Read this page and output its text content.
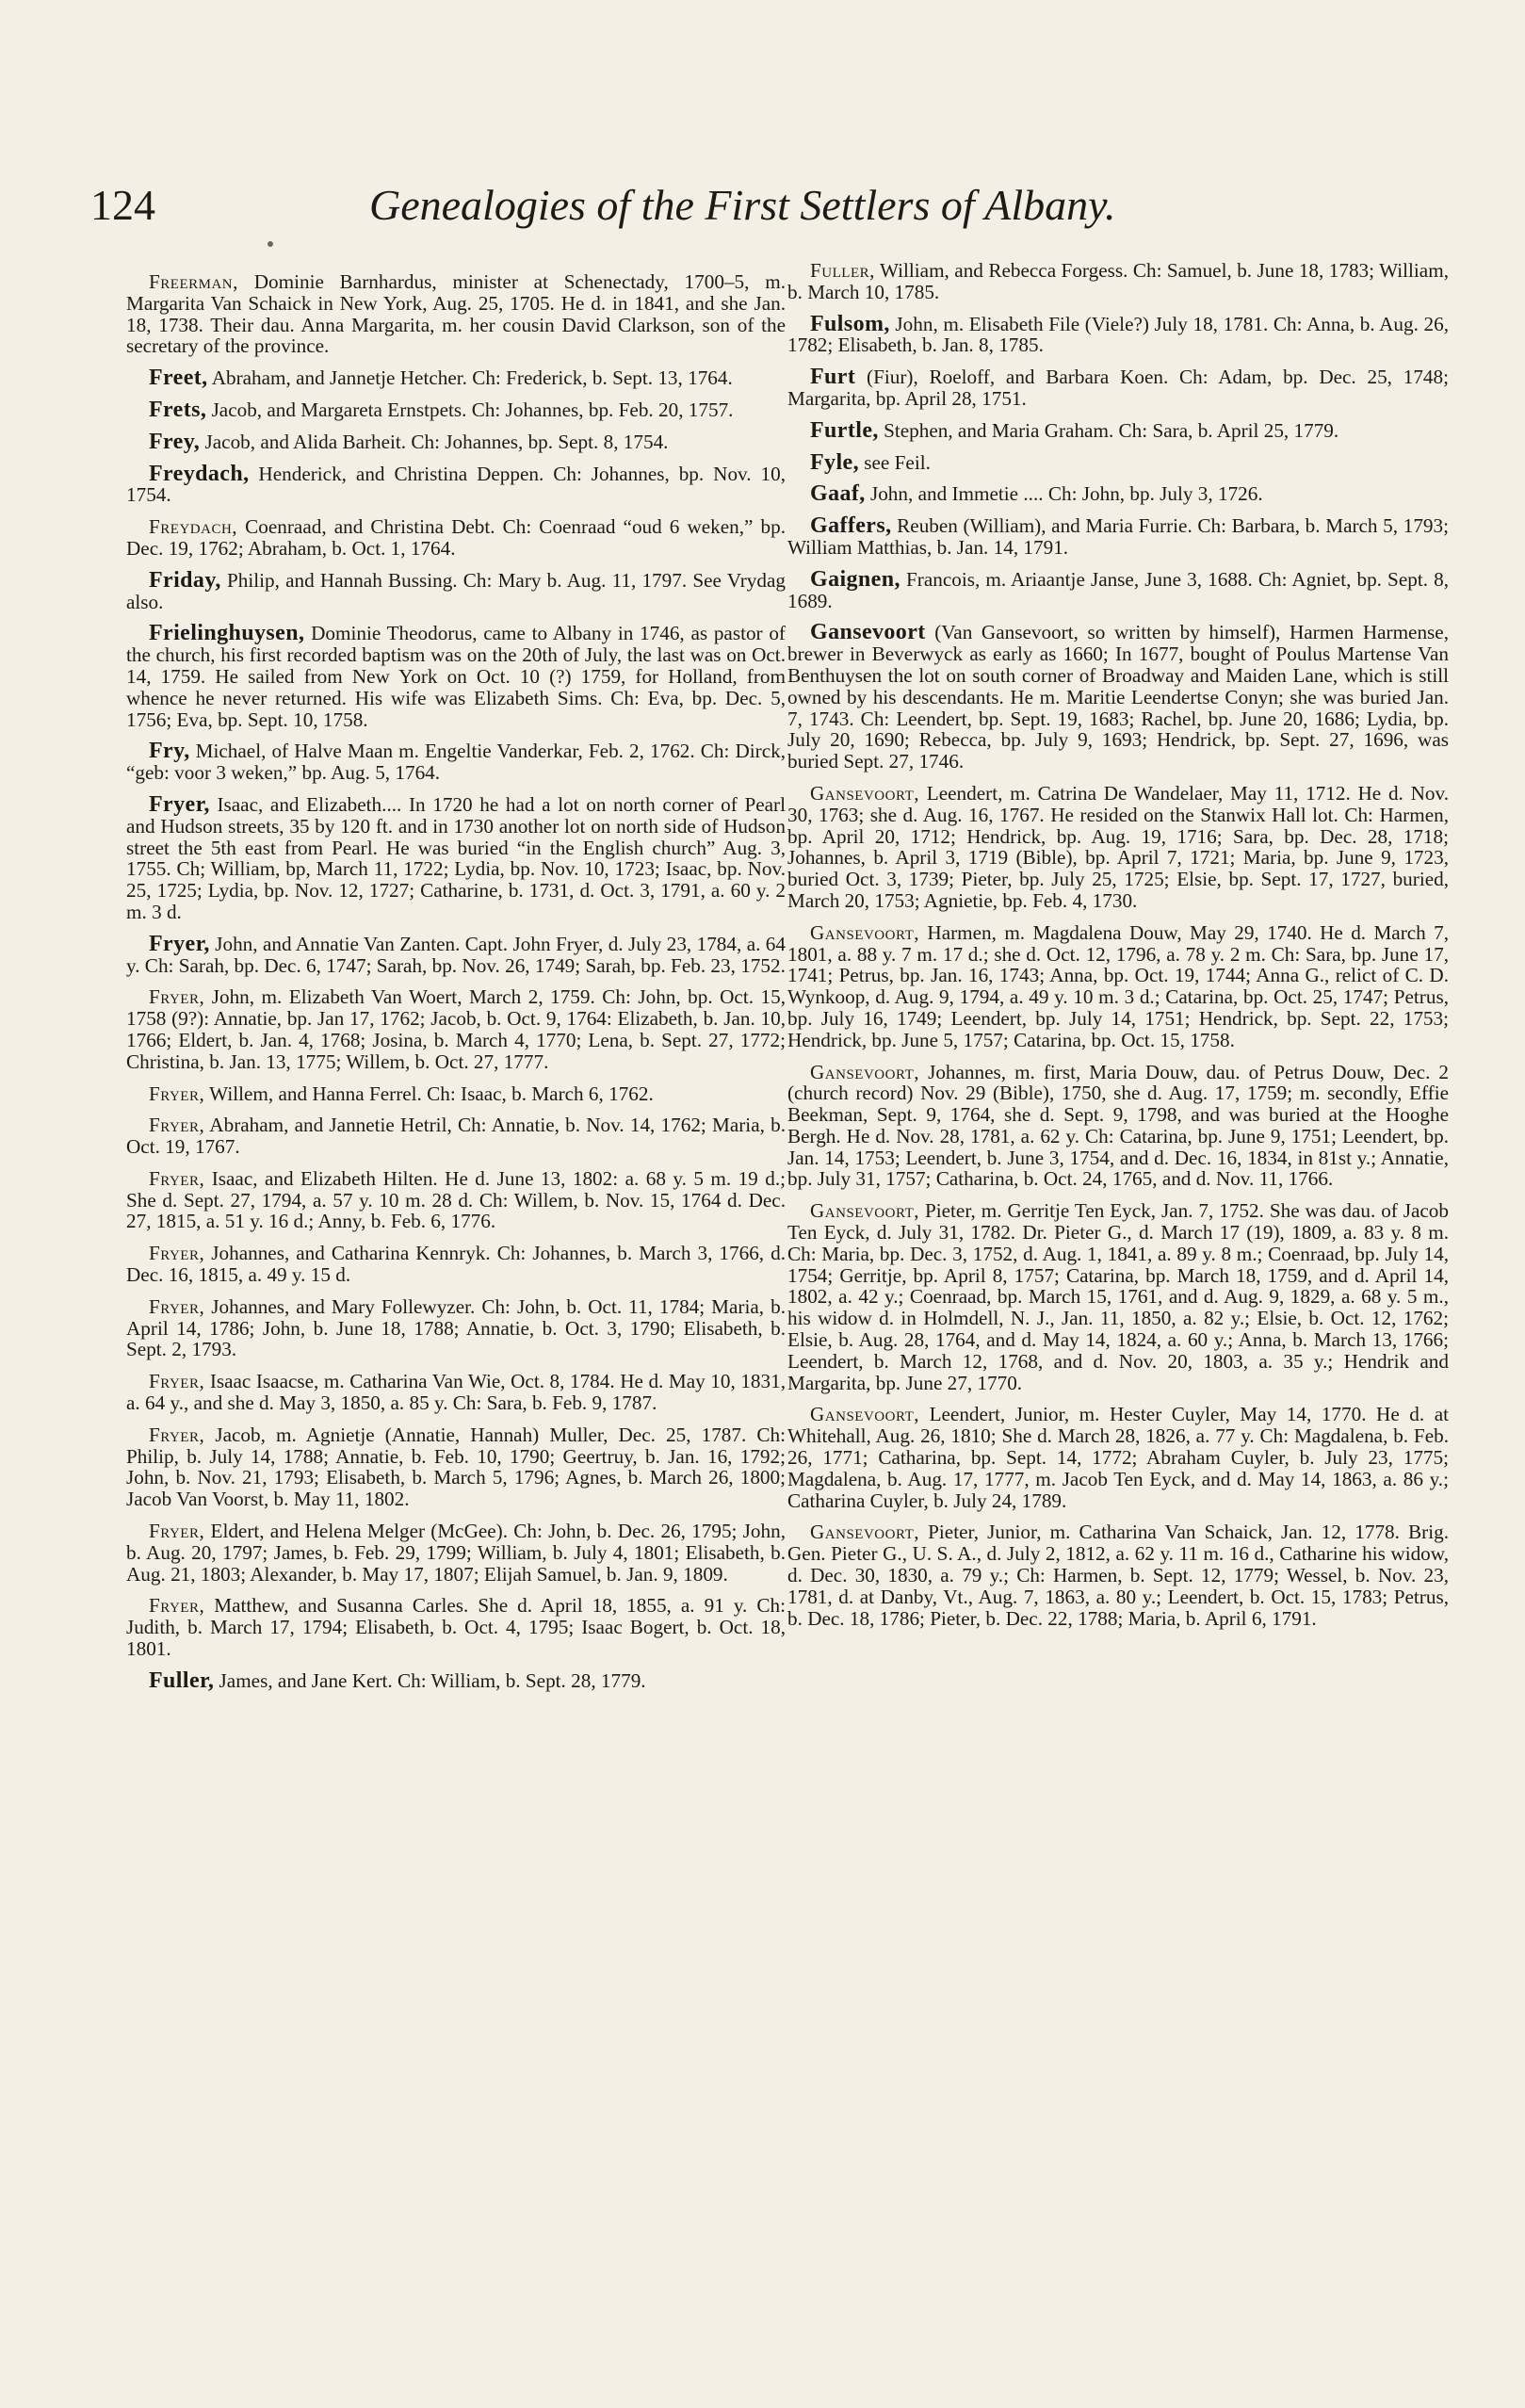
124	Genealogies of the First Settlers of Albany.

Freerman, Dominie Barnhardus, minister at Schenectady, 1700–5, m. Margarita Van Schaick in New York, Aug. 25, 1705. He d. in 1841, and she Jan. 18, 1738. Their dau. Anna Margarita, m. her cousin David Clarkson, son of the secretary of the province.

Freet, Abraham, and Jannetje Hetcher. Ch: Frederick, b. Sept. 13, 1764.

Frets, Jacob, and Margareta Ernstpets. Ch: Johannes, bp. Feb. 20, 1757.

Frey, Jacob, and Alida Barheit. Ch: Johannes, bp. Sept. 8, 1754.

Freydach, Henderick, and Christina Deppen. Ch: Johannes, bp. Nov. 10, 1754.

Freydach, Coenraad, and Christina Debt. Ch: Coenraad “oud 6 weken,” bp. Dec. 19, 1762; Abraham, b. Oct. 1, 1764.

Friday, Philip, and Hannah Bussing. Ch: Mary b. Aug. 11, 1797. See Vrydag also.

Frielinghuysen, Dominie Theodorus, came to Albany in 1746, as pastor of the church, his first recorded baptism was on the 20th of July, the last was on Oct. 14, 1759. He sailed from New York on Oct. 10 (?) 1759, for Holland, from whence he never returned. His wife was Elizabeth Sims. Ch: Eva, bp. Dec. 5, 1756; Eva, bp. Sept. 10, 1758.

Fry, Michael, of Halve Maan m. Engeltie Vanderkar, Feb. 2, 1762. Ch: Dirck, “geb: voor 3 weken,” bp. Aug. 5, 1764.

Fryer, Isaac, and Elizabeth.... In 1720 he had a lot on north corner of Pearl and Hudson streets, 35 by 120 ft. and in 1730 another lot on north side of Hudson street the 5th east from Pearl. He was buried “in the English church” Aug. 3, 1755. Ch; William, bp, March 11, 1722; Lydia, bp. Nov. 10, 1723; Isaac, bp. Nov. 25, 1725; Lydia, bp. Nov. 12, 1727; Catharine, b. 1731, d. Oct. 3, 1791, a. 60 y. 2 m. 3 d.

Fryer, John, and Annatie Van Zanten. Capt. John Fryer, d. July 23, 1784, a. 64 y. Ch: Sarah, bp. Dec. 6, 1747; Sarah, bp. Nov. 26, 1749; Sarah, bp. Feb. 23, 1752.

Fryer, John, m. Elizabeth Van Woert, March 2, 1759. Ch: John, bp. Oct. 15, 1758 (9?): Annatie, bp. Jan 17, 1762; Jacob, b. Oct. 9, 1764: Elizabeth, b. Jan. 10, 1766; Eldert, b. Jan. 4, 1768; Josina, b. March 4, 1770; Lena, b. Sept. 27, 1772; Christina, b. Jan. 13, 1775; Willem, b. Oct. 27, 1777.

Fryer, Willem, and Hanna Ferrel. Ch: Isaac, b. March 6, 1762.

Fryer, Abraham, and Jannetie Hetril, Ch: Annatie, b. Nov. 14, 1762; Maria, b. Oct. 19, 1767.

Fryer, Isaac, and Elizabeth Hilten. He d. June 13, 1802: a. 68 y. 5 m. 19 d.; She d. Sept. 27, 1794, a. 57 y. 10 m. 28 d. Ch: Willem, b. Nov. 15, 1764 d. Dec. 27, 1815, a. 51 y. 16 d.; Anny, b. Feb. 6, 1776.

Fryer, Johannes, and Catharina Kennryk. Ch: Johannes, b. March 3, 1766, d. Dec. 16, 1815, a. 49 y. 15 d.

Fryer, Johannes, and Mary Follewyzer. Ch: John, b. Oct. 11, 1784; Maria, b. April 14, 1786; John, b. June 18, 1788; Annatie, b. Oct. 3, 1790; Elisabeth, b. Sept. 2, 1793.

Fryer, Isaac Isaacse, m. Catharina Van Wie, Oct. 8, 1784. He d. May 10, 1831, a. 64 y., and she d. May 3, 1850, a. 85 y. Ch: Sara, b. Feb. 9, 1787.

Fryer, Jacob, m. Agnietje (Annatie, Hannah) Muller, Dec. 25, 1787. Ch: Philip, b. July 14, 1788; Annatie, b. Feb. 10, 1790; Geertruy, b. Jan. 16, 1792; John, b. Nov. 21, 1793; Elisabeth, b. March 5, 1796; Agnes, b. March 26, 1800; Jacob Van Voorst, b. May 11, 1802.

Fryer, Eldert, and Helena Melger (McGee). Ch: John, b. Dec. 26, 1795; John, b. Aug. 20, 1797; James, b. Feb. 29, 1799; William, b. July 4, 1801; Elisabeth, b. Aug. 21, 1803; Alexander, b. May 17, 1807; Elijah Samuel, b. Jan. 9, 1809.

Fryer, Matthew, and Susanna Carles. She d. April 18, 1855, a. 91 y. Ch: Judith, b. March 17, 1794; Elisabeth, b. Oct. 4, 1795; Isaac Bogert, b. Oct. 18, 1801.

Fuller, James, and Jane Kert. Ch: William, b. Sept. 28, 1779.

Fuller, William, and Rebecca Forgess. Ch: Samuel, b. June 18, 1783; William, b. March 10, 1785.

Fulsom, John, m. Elisabeth File (Viele?) July 18, 1781. Ch: Anna, b. Aug. 26, 1782; Elisabeth, b. Jan. 8, 1785.

Furt (Fiur), Roeloff, and Barbara Koen. Ch: Adam, bp. Dec. 25, 1748; Margarita, bp. April 28, 1751.

Furtle, Stephen, and Maria Graham. Ch: Sara, b. April 25, 1779.

Fyle, see Feil.

Gaaf, John, and Immetie .... Ch: John, bp. July 3, 1726.

Gaffers, Reuben (William), and Maria Furrie. Ch: Barbara, b. March 5, 1793; William Matthias, b. Jan. 14, 1791.

Gaignen, Francois, m. Ariaantje Janse, June 3, 1688. Ch: Agniet, bp. Sept. 8, 1689.

Gansevoort (Van Gansevoort, so written by himself), Harmen Harmense, brewer in Beverwyck as early as 1660; In 1677, bought of Poulus Martense Van Benthuysen the lot on south corner of Broadway and Maiden Lane, which is still owned by his descendants. He m. Maritie Leendertse Conyn; she was buried Jan. 7, 1743. Ch: Leendert, bp. Sept. 19, 1683; Rachel, bp. June 20, 1686; Lydia, bp. July 20, 1690; Rebecca, bp. July 9, 1693; Hendrick, bp. Sept. 27, 1696, was buried Sept. 27, 1746.

Gansevoort, Leendert, m. Catrina De Wandelaer, May 11, 1712. He d. Nov. 30, 1763; she d. Aug. 16, 1767. He resided on the Stanwix Hall lot. Ch: Harmen, bp. April 20, 1712; Hendrick, bp. Aug. 19, 1716; Sara, bp. Dec. 28, 1718; Johannes, b. April 3, 1719 (Bible), bp. April 7, 1721; Maria, bp. June 9, 1723, buried Oct. 3, 1739; Pieter, bp. July 25, 1725; Elsie, bp. Sept. 17, 1727, buried, March 20, 1753; Agnietie, bp. Feb. 4, 1730.

Gansevoort, Harmen, m. Magdalena Douw, May 29, 1740. He d. March 7, 1801, a. 88 y. 7 m. 17 d.; she d. Oct. 12, 1796, a. 78 y. 2 m. Ch: Sara, bp. June 17, 1741; Petrus, bp. Jan. 16, 1743; Anna, bp. Oct. 19, 1744; Anna G., relict of C. D. Wynkoop, d. Aug. 9, 1794, a. 49 y. 10 m. 3 d.; Catarina, bp. Oct. 25, 1747; Petrus, bp. July 16, 1749; Leendert, bp. July 14, 1751; Hendrick, bp. Sept. 22, 1753; Hendrick, bp. June 5, 1757; Catarina, bp. Oct. 15, 1758.

Gansevoort, Johannes, m. first, Maria Douw, dau. of Petrus Douw, Dec. 2 (church record) Nov. 29 (Bible), 1750, she d. Aug. 17, 1759; m. secondly, Effie Beekman, Sept. 9, 1764, she d. Sept. 9, 1798, and was buried at the Hooghe Bergh. He d. Nov. 28, 1781, a. 62 y. Ch: Catarina, bp. June 9, 1751; Leendert, bp. Jan. 14, 1753; Leendert, b. June 3, 1754, and d. Dec. 16, 1834, in 81st y.; Annatie, bp. July 31, 1757; Catharina, b. Oct. 24, 1765, and d. Nov. 11, 1766.

Gansevoort, Pieter, m. Gerritje Ten Eyck, Jan. 7, 1752. She was dau. of Jacob Ten Eyck, d. July 31, 1782. Dr. Pieter G., d. March 17 (19), 1809, a. 83 y. 8 m. Ch: Maria, bp. Dec. 3, 1752, d. Aug. 1, 1841, a. 89 y. 8 m.; Coenraad, bp. July 14, 1754; Gerritje, bp. April 8, 1757; Catarina, bp. March 18, 1759, and d. April 14, 1802, a. 42 y.; Coenraad, bp. March 15, 1761, and d. Aug. 9, 1829, a. 68 y. 5 m., his widow d. in Holmdell, N. J., Jan. 11, 1850, a. 82 y.; Elsie, b. Oct. 12, 1762; Elsie, b. Aug. 28, 1764, and d. May 14, 1824, a. 60 y.; Anna, b. March 13, 1766; Leendert, b. March 12, 1768, and d. Nov. 20, 1803, a. 35 y.; Hendrik and Margarita, bp. June 27, 1770.

Gansevoort, Leendert, Junior, m. Hester Cuyler, May 14, 1770. He d. at Whitehall, Aug. 26, 1810; She d. March 28, 1826, a. 77 y. Ch: Magdalena, b. Feb. 26, 1771; Catharina, bp. Sept. 14, 1772; Abraham Cuyler, b. July 23, 1775; Magdalena, b. Aug. 17, 1777, m. Jacob Ten Eyck, and d. May 14, 1863, a. 86 y.; Catharina Cuyler, b. July 24, 1789.

Gansevoort, Pieter, Junior, m. Catharina Van Schaick, Jan. 12, 1778. Brig. Gen. Pieter G., U. S. A., d. July 2, 1812, a. 62 y. 11 m. 16 d., Catharine his widow, d. Dec. 30, 1830, a. 79 y.; Ch: Harmen, b. Sept. 12, 1779; Wessel, b. Nov. 23, 1781, d. at Danby, Vt., Aug. 7, 1863, a. 80 y.; Leendert, b. Oct. 15, 1783; Petrus, b. Dec. 18, 1786; Pieter, b. Dec. 22, 1788; Maria, b. April 6, 1791.
